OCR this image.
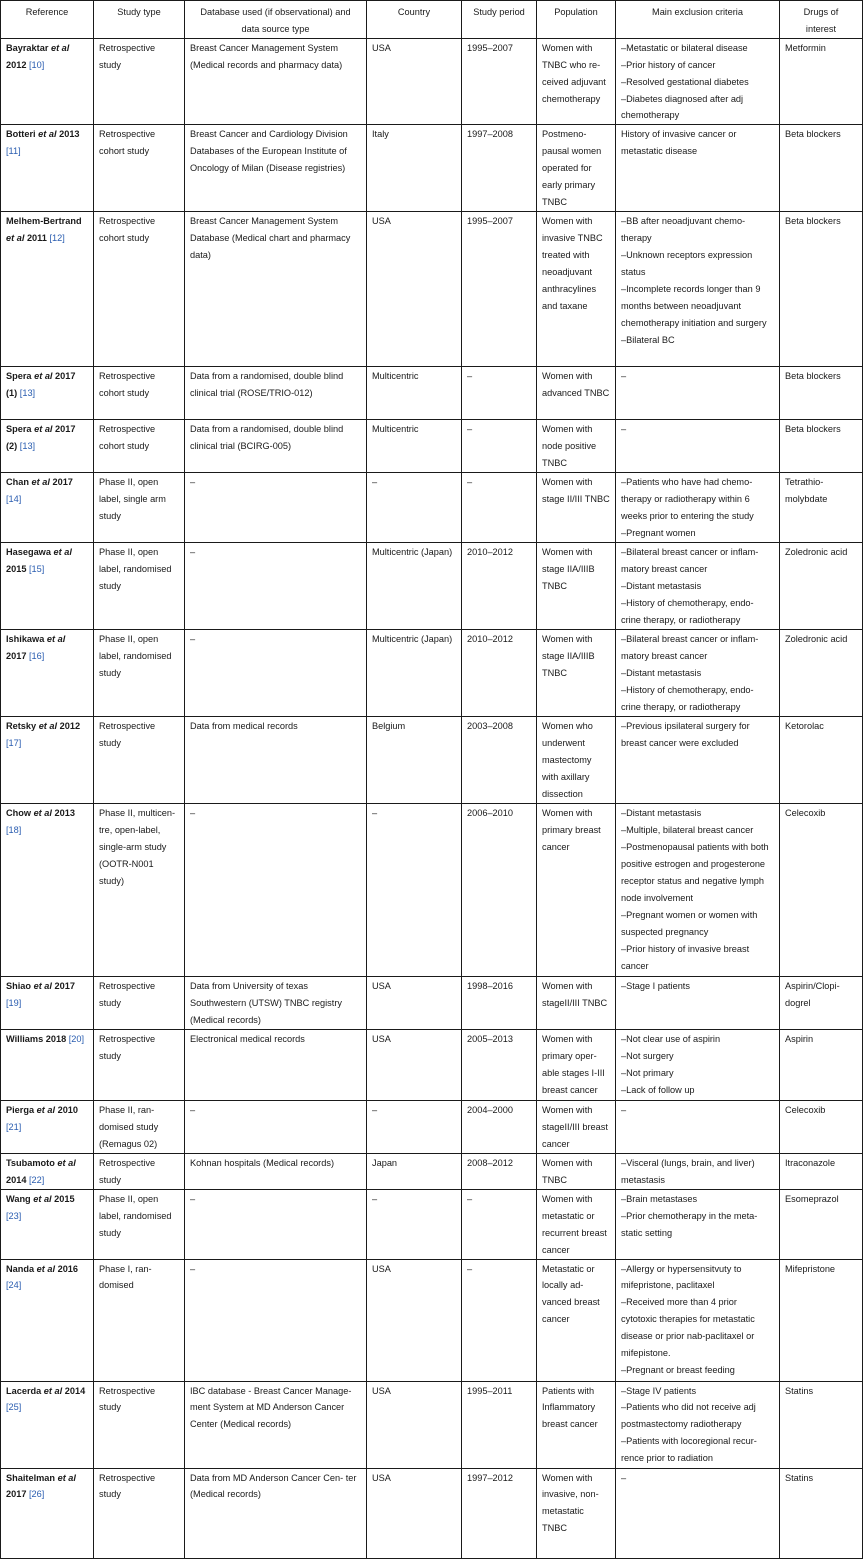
Reference	Study type	Database used (if observational) and
data source type	Country	Study period	Population	Main exclusion criteria	Drugs of
interest

Bayraktar et al 2012 [10]	Retrospective study	Breast Cancer Management System (Medical records and pharmacy data)	USA	1995–2007	Women with TNBC who re- ceived adjuvant chemotherapy	–Metastatic or bilateral disease
–Prior history of cancer
–Resolved gestational diabetes
–Diabetes diagnosed after adj chemotherapy	Metformin
Botteri et al 2013 [11]	Retrospective cohort study	Breast Cancer and Cardiology Division Databases of the European Institute of Oncology of Milan (Disease registries)	Italy	1997–2008	Postmeno- pausal women operated for early primary TNBC	History of invasive cancer or metastatic disease	Beta blockers
Melhem-Bertrand et al 2011 [12]	Retrospective cohort study	Breast Cancer Management System Database (Medical chart and pharmacy data)	USA	1995–2007	Women with invasive TNBC treated with neoadjuvant anthracylines and taxane	–BB after neoadjuvant chemo- therapy
–Unknown receptors expression status
–Incomplete records longer than 9 months between neoadjuvant chemotherapy initiation and surgery
–Bilateral BC	Beta blockers
Spera et al 2017 (1) [13]	Retrospective cohort study	Data from a randomised, double blind clinical trial (ROSE/TRIO-012)	Multicentric	–	Women with advanced TNBC	–	Beta blockers
Spera et al 2017 (2) [13]	Retrospective cohort study	Data from a randomised, double blind clinical trial (BCIRG-005)	Multicentric	–	Women with node positive TNBC	–	Beta blockers
Chan et al 2017 [14]	Phase II, open label, single arm study	–	–	–	Women with stage II/III TNBC	–Patients who have had chemo- therapy or radiotherapy within 6 weeks prior to entering the study
–Pregnant women	Tetrathio- molybdate
Hasegawa et al 2015 [15]	Phase II, open label, randomised study	–	Multicentric (Japan)	2010–2012	Women with stage IIA/IIIB TNBC	–Bilateral breast cancer or inflam- matory breast cancer
–Distant metastasis
–History of chemotherapy, endo- crine therapy, or radiotherapy	Zoledronic acid
Ishikawa et al 2017 [16]	Phase II, open label, randomised study	–	Multicentric (Japan)	2010–2012	Women with stage IIA/IIIB TNBC	–Bilateral breast cancer or inflam- matory breast cancer
–Distant metastasis
–History of chemotherapy, endo- crine therapy, or radiotherapy	Zoledronic acid
Retsky et al 2012 [17]	Retrospective study	Data from medical records	Belgium	2003–2008	Women who underwent mastectomy with axillary dissection	–Previous ipsilateral surgery for breast cancer were excluded	Ketorolac
Chow et al 2013 [18]	Phase II, multicen- tre, open-label, single-arm study (OOTR-N001 study)	–	–	2006–2010	Women with primary breast cancer	–Distant metastasis
–Multiple, bilateral breast cancer
–Postmenopausal patients with both positive estrogen and progesterone receptor status and negative lymph node involvement
–Pregnant women or women with suspected pregnancy
–Prior history of invasive breast cancer	Celecoxib
Shiao et al 2017 [19]	Retrospective study	Data from University of texas Southwestern (UTSW) TNBC registry (Medical records)	USA	1998–2016	Women with stageII/III TNBC	–Stage I patients	Aspirin/Clopi- dogrel
Williams 2018 [20]	Retrospective study	Electronical medical records	USA	2005–2013	Women with primary oper- able stages I-III breast cancer	–Not clear use of aspirin
–Not surgery
–Not primary
–Lack of follow up	Aspirin
Pierga et al 2010 [21]	Phase II, ran- domised study (Remagus 02)	–	–	2004–2000	Women with stageII/III breast cancer	–	Celecoxib
Tsubamoto et al 2014 [22]	Retrospective study	Kohnan hospitals (Medical records)	Japan	2008–2012	Women with TNBC	–Visceral (lungs, brain, and liver) metastasis	Itraconazole
Wang et al 2015 [23]	Phase II, open label, randomised study	–	–	–	Women with metastatic or recurrent breast cancer	–Brain metastases
–Prior chemotherapy in the meta- static setting	Esomeprazol
Nanda et al 2016 [24]	Phase I, ran- domised	–	USA	–	Metastatic or locally ad- vanced breast cancer	–Allergy or hypersensitvuty to mifepristone, paclitaxel
–Received more than 4 prior cytotoxic therapies for metastatic disease or prior nab-paclitaxel or mifepistone.
–Pregnant or breast feeding	Mifepristone
Lacerda et al 2014 [25]	Retrospective study	IBC database - Breast Cancer Manage- ment System at MD Anderson Cancer Center (Medical records)	USA	1995–2011	Patients with Inflammatory breast cancer	–Stage IV patients
–Patients who did not receive adj postmastectomy radiotherapy
–Patients with locoregional recur- rence prior to radiation	Statins
Shaitelman et al 2017 [26]	Retrospective study	Data from MD Anderson Cancer Cen- ter (Medical records)	USA	1997–2012	Women with invasive, non-metastatic TNBC	–	Statins
